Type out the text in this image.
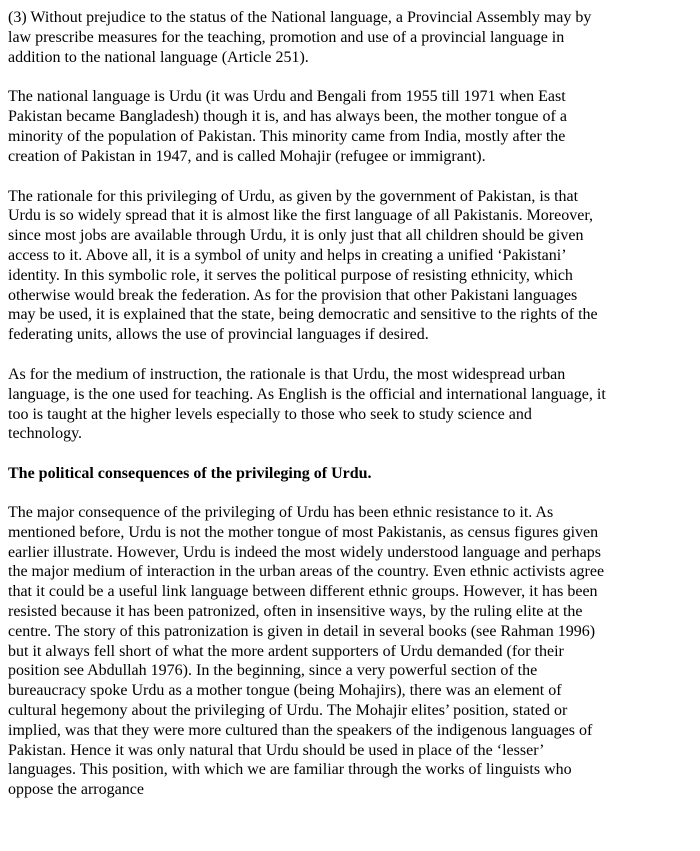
(3) Without prejudice to the status of the National language, a Provincial Assembly may by law prescribe measures for the teaching, promotion and use of a provincial language in addition to the national language (Article 251).

The national language is Urdu (it was Urdu and Bengali from 1955 till 1971 when East Pakistan became Bangladesh) though it is, and has always been, the mother tongue of a minority of the population of Pakistan. This minority came from India, mostly after the creation of Pakistan in 1947, and is called Mohajir (refugee or immigrant).

The rationale for this privileging of Urdu, as given by the government of Pakistan, is that Urdu is so widely spread that it is almost like the first language of all Pakistanis. Moreover, since most jobs are available through Urdu, it is only just that all children should be given access to it. Above all, it is a symbol of unity and helps in creating a unified ‘Pakistani’ identity. In this symbolic role, it serves the political purpose of resisting ethnicity, which otherwise would break the federation. As for the provision that other Pakistani languages may be used, it is explained that the state, being democratic and sensitive to the rights of the federating units, allows the use of provincial languages if desired.

As for the medium of instruction, the rationale is that Urdu, the most widespread urban language, is the one used for teaching. As English is the official and international language, it too is taught at the higher levels especially to those who seek to study science and technology.

The political consequences of the privileging of Urdu.

The major consequence of the privileging of Urdu has been ethnic resistance to it. As mentioned before, Urdu is not the mother tongue of most Pakistanis, as census figures given earlier illustrate. However, Urdu is indeed the most widely understood language and perhaps the major medium of interaction in the urban areas of the country. Even ethnic activists agree that it could be a useful link language between different ethnic groups. However, it has been resisted because it has been patronized, often in insensitive ways, by the ruling elite at the centre. The story of this patronization is given in detail in several books (see Rahman 1996) but it always fell short of what the more ardent supporters of Urdu demanded (for their position see Abdullah 1976). In the beginning, since a very powerful section of the bureaucracy spoke Urdu as a mother tongue (being Mohajirs), there was an element of cultural hegemony about the privileging of Urdu. The Mohajir elites’ position, stated or implied, was that they were more cultured than the speakers of the indigenous languages of Pakistan. Hence it was only natural that Urdu should be used in place of the ‘lesser’ languages. This position, with which we are familiar through the works of linguists who oppose the arrogance
